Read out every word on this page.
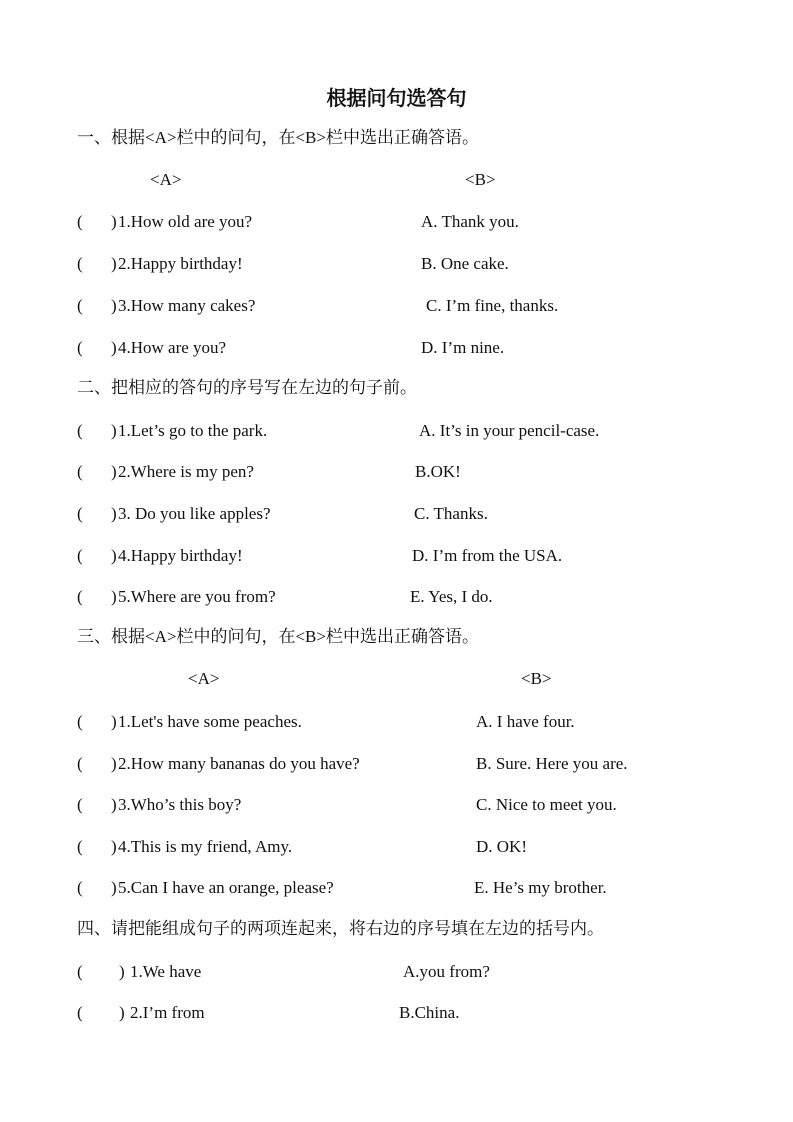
根据问句选答句
一、根据<A>栏中的问句，在<B>栏中选出正确答语。
<A>	<B>
( ) 1.How old are you?	A. Thank you.
( ) 2.Happy birthday!	B. One cake.
( ) 3.How many cakes?	C. I’m fine, thanks.
( ) 4.How are you?	D. I’m nine.
二、把相应的答句的序号写在左边的句子前。
( ) 1.Let’s go to the park.	A. It’s in your pencil-case.
( ) 2.Where is my pen?	B.OK!
( ) 3. Do you like apples?	C. Thanks.
( ) 4.Happy birthday!	D. I’m from the USA.
( ) 5.Where are you from?	E. Yes, I do.
三、根据<A>栏中的问句，在<B>栏中选出正确答语。
<A>	<B>
( ) 1.Let's have some peaches.	A. I have four.
( ) 2.How many bananas do you have?	B. Sure. Here you are.
( ) 3.Who’s this boy?	C. Nice to meet you.
( ) 4.This is my friend, Amy.	D. OK!
( ) 5.Can I have an orange, please?	E. He’s my brother.
四、请把能组成句子的两项连起来，将右边的序号填在左边的括号内。
( ) 1.We have	A.you from?
( ) 2.I’m from	B.China.
